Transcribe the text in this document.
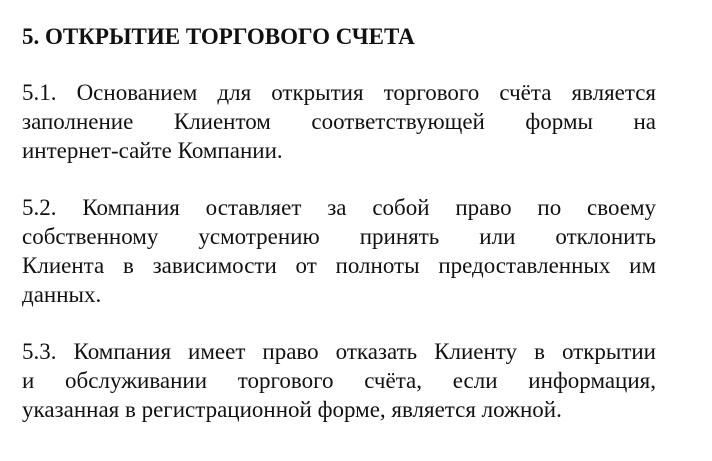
5. ОТКРЫТИЕ ТОРГОВОГО СЧЕТА
5.1. Основанием для открытия торгового счёта является
заполнение Клиентом соответствующей формы на
интернет-сайте Компании.
5.2. Компания оставляет за собой право по своему
собственному усмотрению принять или отклонить
Клиента в зависимости от полноты предоставленных им
данных.
5.3. Компания имеет право отказать Клиенту в открытии
и обслуживании торгового счёта, если информация,
указанная в регистрационной форме, является ложной.
